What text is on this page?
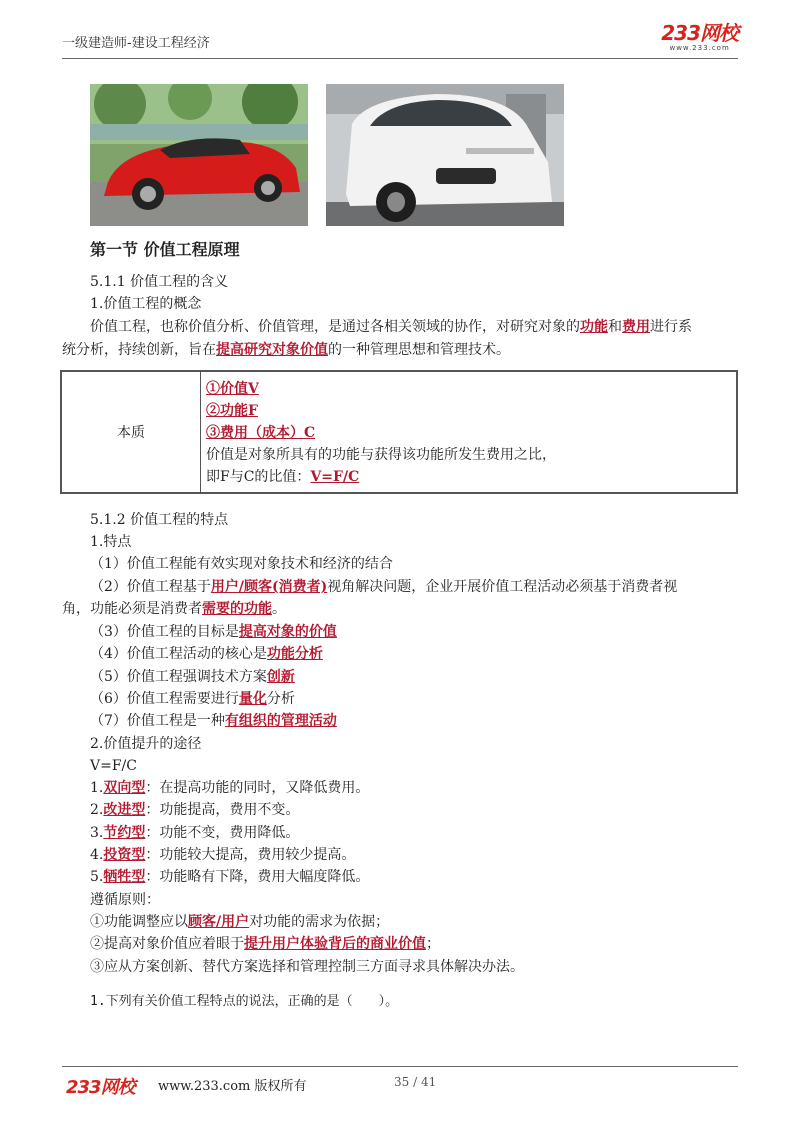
一级建造师-建设工程经济	233网校
www.233.com
第一节 价值工程原理
5.1.1 价值工程的含义
1.价值工程的概念
价值工程，也称价值分析、价值管理，是通过各相关领域的协作，对研究对象的功能和费用进行系
统分析，持续创新，旨在提高研究对象价值的一种管理思想和管理技术。
本质
①价值V
②功能F
③费用（成本）C
价值是对象所具有的功能与获得该功能所发生费用之比，
即F与C的比值：V=F/C
5.1.2 价值工程的特点
1.特点
（1）价值工程能有效实现对象技术和经济的结合
（2）价值工程基于用户/顾客(消费者)视角解决问题，企业开展价值工程活动必须基于消费者视
角，功能必须是消费者需要的功能。
（3）价值工程的目标是提高对象的价值
（4）价值工程活动的核心是功能分析
（5）价值工程强调技术方案创新
（6）价值工程需要进行量化分析
（7）价值工程是一种有组织的管理活动
2.价值提升的途径
V=F/C
1.双向型：在提高功能的同时，又降低费用。
2.改进型：功能提高，费用不变。
3.节约型：功能不变，费用降低。
4.投资型：功能较大提高，费用较少提高。
5.牺牲型：功能略有下降，费用大幅度降低。
遵循原则：
①功能调整应以顾客/用户对功能的需求为依据；
②提高对象价值应着眼于提升用户体验背后的商业价值；
③应从方案创新、替代方案选择和管理控制三方面寻求具体解决办法。
1.下列有关价值工程特点的说法，正确的是（　　）。
233网校 www.233.com 版权所有	35 / 41
